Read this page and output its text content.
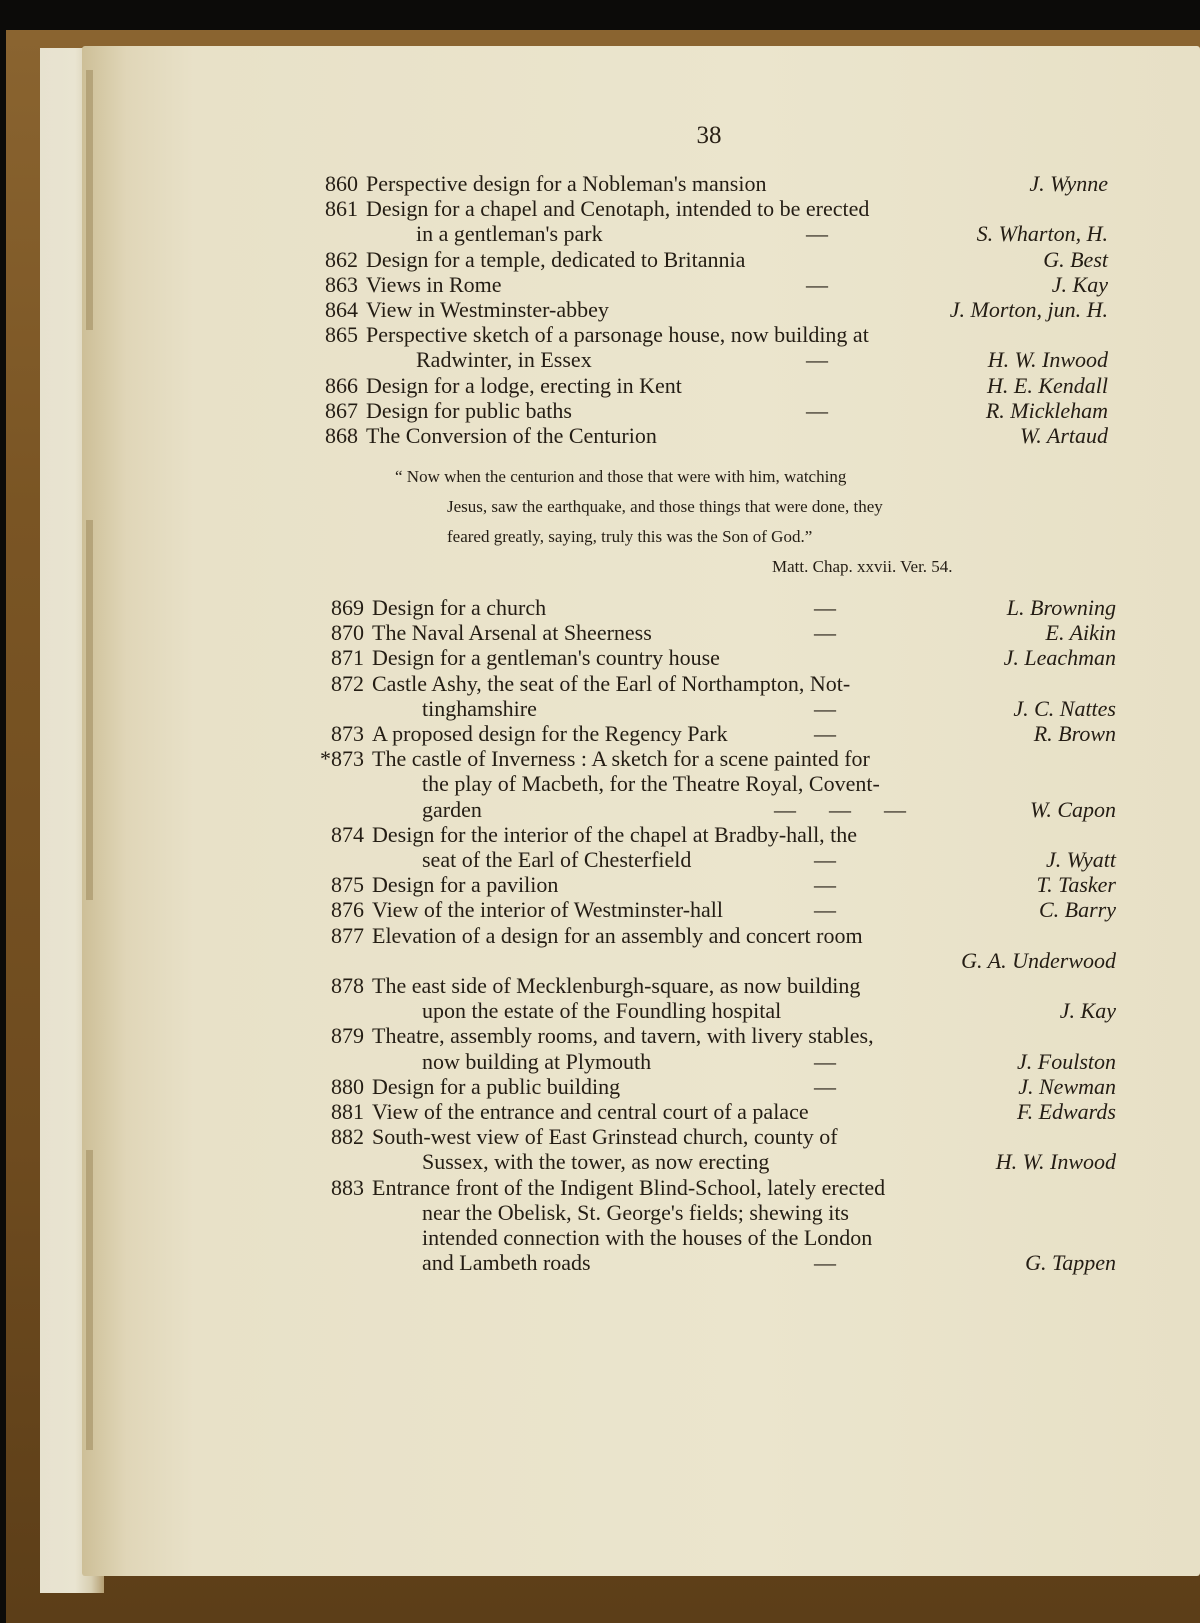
38
860 Perspective design for a Nobleman's mansion	J. Wynne
861 Design for a chapel and Cenotaph, intended to be erected
in a gentleman's park	—	S. Wharton, H.
862 Design for a temple, dedicated to Britannia	G. Best
863 Views in Rome	—	J. Kay
864 View in Westminster-abbey	J. Morton, jun. H.
865 Perspective sketch of a parsonage house, now building at
Radwinter, in Essex	—	H. W. Inwood
866 Design for a lodge, erecting in Kent	H. E. Kendall
867 Design for public baths	—	R. Mickleham
868 The Conversion of the Centurion	W. Artaud
869 Design for a church	—	L. Browning
870 The Naval Arsenal at Sheerness	—	E. Aikin
871 Design for a gentleman's country house	J. Leachman
872 Castle Ashy, the seat of the Earl of Northampton, Not-
tinghamshire	—	J. C. Nattes
873 A proposed design for the Regency Park	—	R. Brown
*873 The castle of Inverness : A sketch for a scene painted for
the play of Macbeth, for the Theatre Royal, Covent-
garden	—      —      —	W. Capon
874 Design for the interior of the chapel at Bradby-hall, the
seat of the Earl of Chesterfield	—	J. Wyatt
875 Design for a pavilion	—	T. Tasker
876 View of the interior of Westminster-hall	—	C. Barry
877 Elevation of a design for an assembly and concert room
G. A. Underwood
878 The east side of Mecklenburgh-square, as now building
upon the estate of the Foundling hospital	J. Kay
879 Theatre, assembly rooms, and tavern, with livery stables,
now building at Plymouth	—	J. Foulston
880 Design for a public building	—	J. Newman
881 View of the entrance and central court of a palace	F. Edwards
882 South-west view of East Grinstead church, county of
Sussex, with the tower, as now erecting	H. W. Inwood
883 Entrance front of the Indigent Blind-School, lately erected
near the Obelisk, St. George's fields; shewing its
intended connection with the houses of the London
and Lambeth roads	—	G. Tappen
“ Now when the centurion and those that were with him, watching
Jesus, saw the earthquake, and those things that were done, they
feared greatly, saying, truly this was the Son of God.”
Matt. Chap. xxvii. Ver. 54.
